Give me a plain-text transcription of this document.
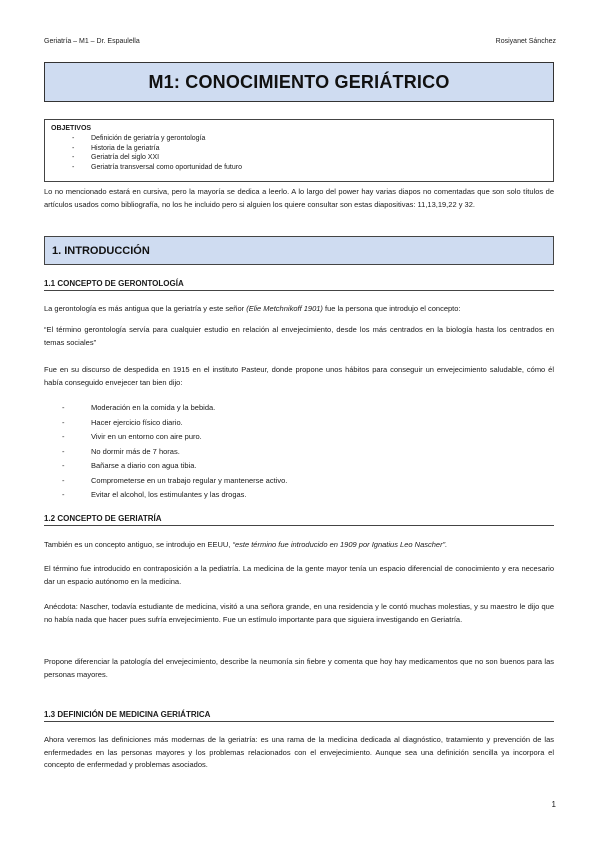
Geriatría – M1 – Dr. Espaulella	Rosiyanet Sánchez
M1: CONOCIMIENTO GERIÁTRICO
OBJETIVOS
- Definición de geriatría y gerontología
- Historia de la geriatría
- Geriatría del siglo XXI
- Geriatría transversal como oportunidad de futuro

Lo no mencionado estará en cursiva, pero la mayoría se dedica a leerlo. A lo largo del power hay varias diapos no comentadas que son solo títulos de artículos usados como bibliografía, no los he incluido pero si alguien los quiere consultar son estas diapositivas: 11,13,19,22 y 32.

1. INTRODUCCIÓN
1.1 CONCEPTO DE GERONTOLOGÍA

La gerontología es más antigua que la geriatría y este señor (Elie Metchnikoff 1901) fue la persona que introdujo el concepto:

“El término gerontología servía para cualquier estudio en relación al envejecimiento, desde los más centrados en la biología hasta los centrados en temas sociales”

Fue en su discurso de despedida en 1915 en el instituto Pasteur, donde propone unos hábitos para conseguir un envejecimiento saludable, cómo él había conseguido envejecer tan bien dijo:

- Moderación en la comida y la bebida.
- Hacer ejercicio físico diario.
- Vivir en un entorno con aire puro.
- No dormir más de 7 horas.
- Bañarse a diario con agua tibia.
- Comprometerse en un trabajo regular y mantenerse activo.
- Evitar el alcohol, los estimulantes y las drogas.
1.2 CONCEPTO DE GERIATRÍA

También es un concepto antiguo, se introdujo en EEUU, “este término fue introducido en 1909 por Ignatius Leo Nascher”.

El término fue introducido en contraposición a la pediatría. La medicina de la gente mayor tenía un espacio diferencial de conocimiento y era necesario dar un espacio autónomo en la medicina.

Anécdota: Nascher, todavía estudiante de medicina, visitó a una señora grande, en una residencia y le contó muchas molestias, y su maestro le dijo que no había nada que hacer pues sufría envejecimiento. Fue un estímulo importante para que siguiera investigando en Geriatría.

Propone diferenciar la patología del envejecimiento, describe la neumonía sin fiebre y comenta que hoy hay medicamentos que no son buenos para las personas mayores.

1.3 DEFINICIÓN DE MEDICINA GERIÁTRICA

Ahora veremos las definiciones más modernas de la geriatría: es una rama de la medicina dedicada al diagnóstico, tratamiento y prevención de las enfermedades en las personas mayores y los problemas relacionados con el envejecimiento. Aunque sea una definición sencilla ya incorpora el concepto de enfermedad y problemas asociados.

1
